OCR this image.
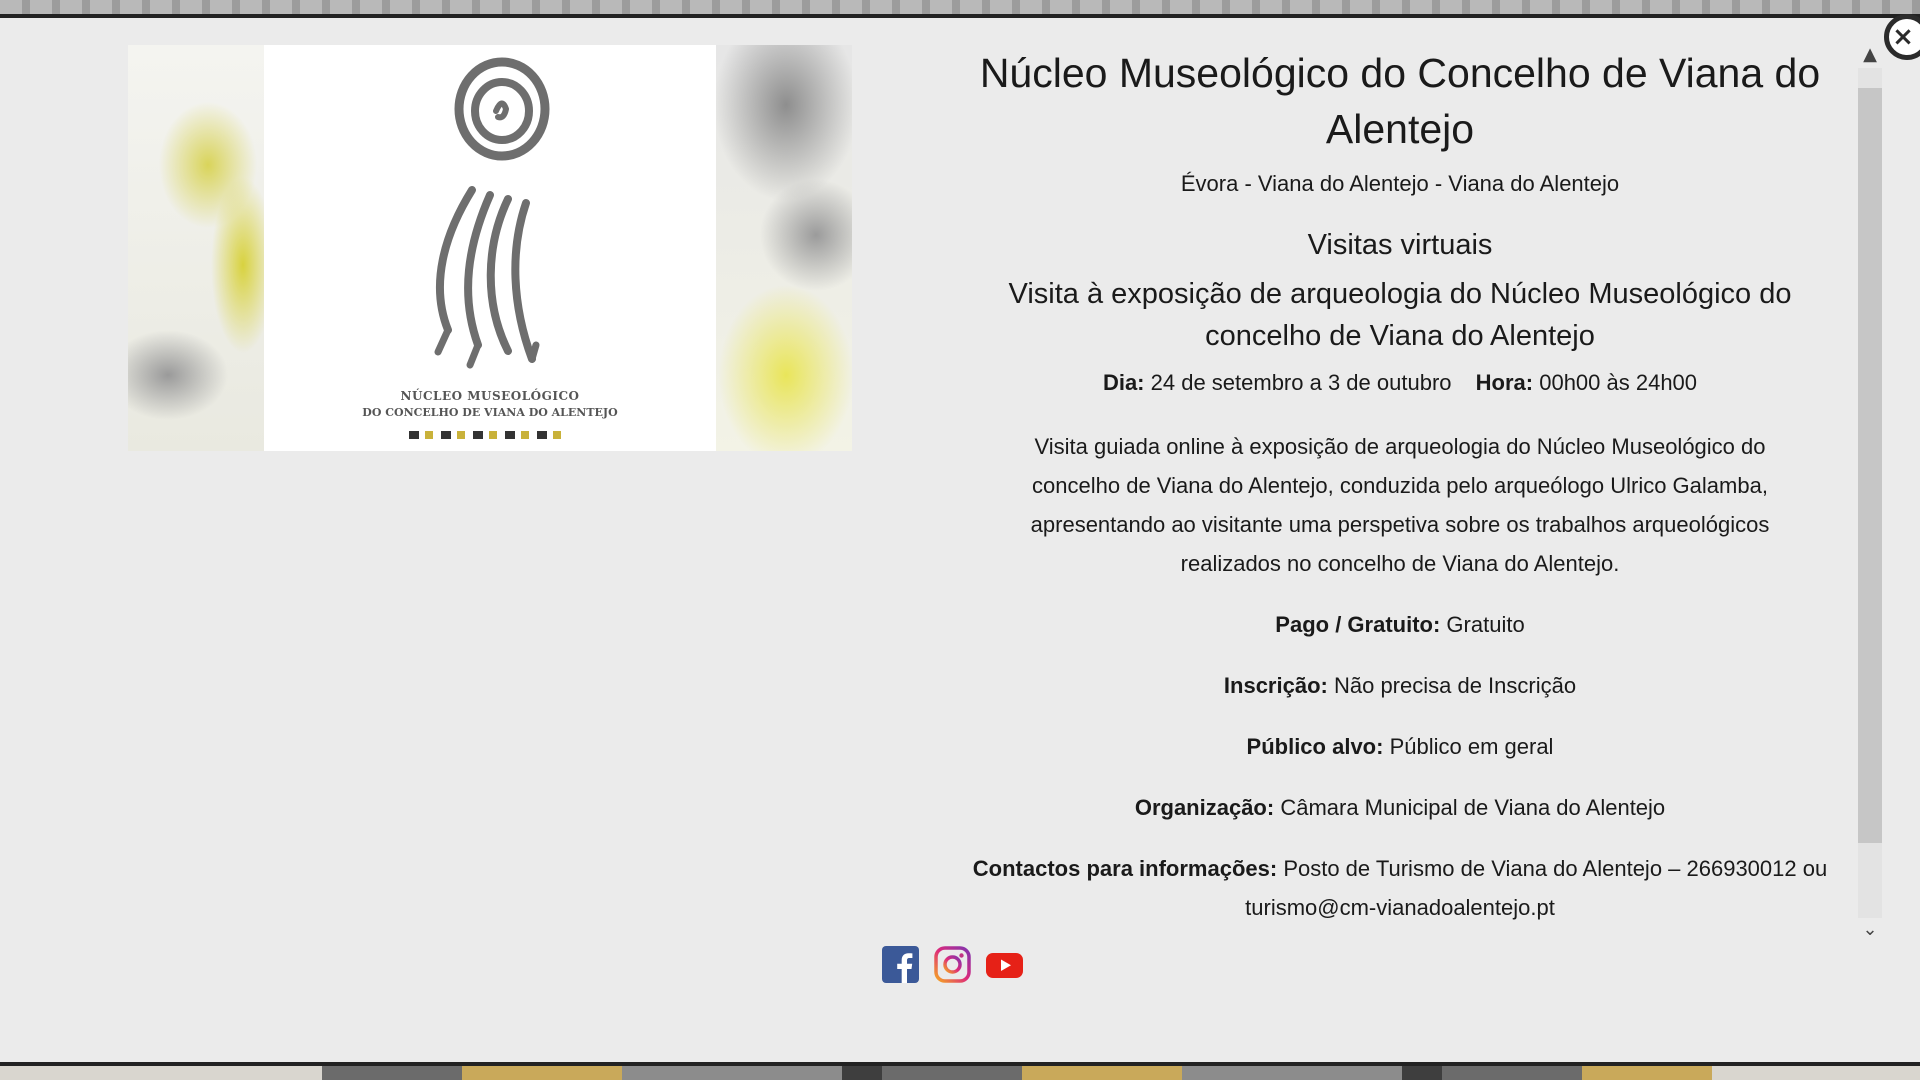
×
NÚCLEO MUSEOLÓGICO
DO CONCELHO DE VIANA DO ALENTEJO
Núcleo Museológico do Concelho de Viana do Alentejo

Évora - Viana do Alentejo - Viana do Alentejo

Visitas virtuais
Visita à exposição de arqueologia do Núcleo Museológico do concelho de Viana do Alentejo

Dia: 24 de setembro a 3 de outubro Hora: 00h00 às 24h00

Visita guiada online à exposição de arqueologia do Núcleo Museológico do concelho de Viana do Alentejo, conduzida pelo arqueólogo Ulrico Galamba, apresentando ao visitante uma perspetiva sobre os trabalhos arqueológicos realizados no concelho de Viana do Alentejo.

Pago / Gratuito: Gratuito

Inscrição: Não precisa de Inscrição

Público alvo: Público em geral

Organização: Câmara Municipal de Viana do Alentejo

Contactos para informações: Posto de Turismo de Viana do Alentejo – 266930012 ou turismo@cm-vianadoalentejo.pt

▲
⌄
